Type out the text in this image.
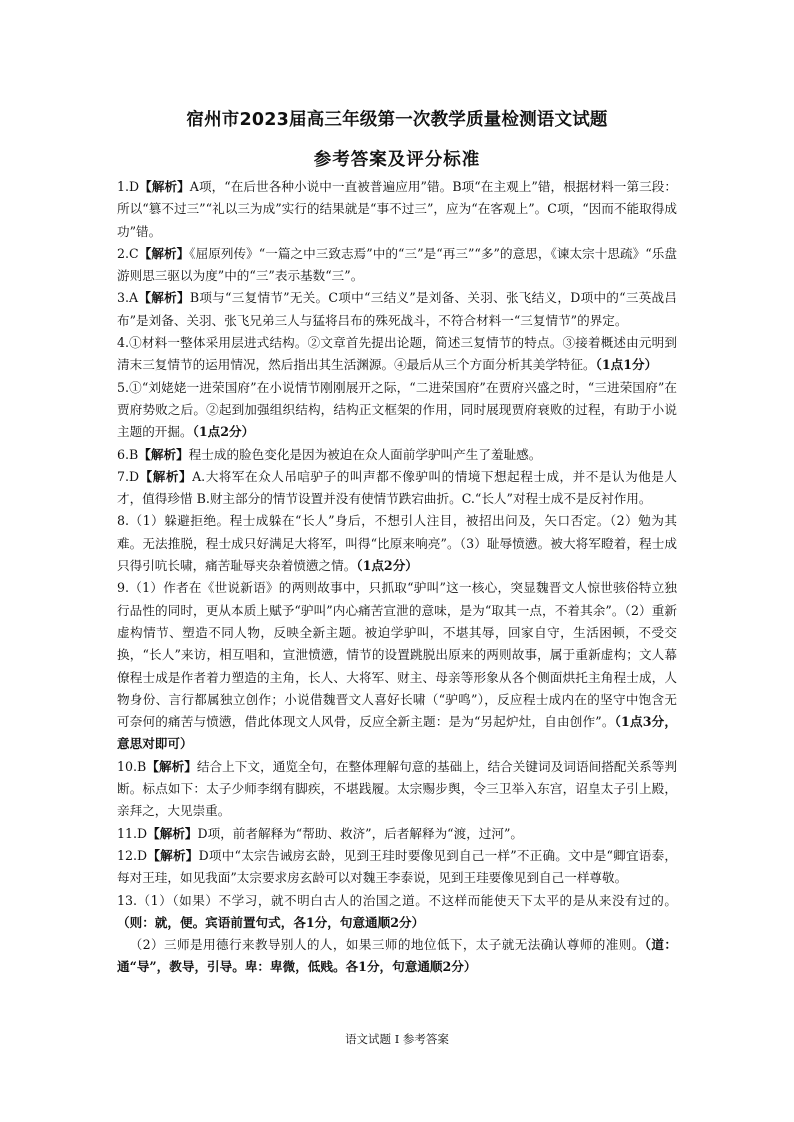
宿州市2023届高三年级第一次教学质量检测语文试题
参考答案及评分标准

1.D【解析】A项，“在后世各种小说中一直被普遍应用”错。B项“在主观上”错，根据材料一第三段：所以“篡不过三”“礼以三为成”实行的结果就是“事不过三”，应为“在客观上”。C项，“因而不能取得成功”错。

2.C【解析】《屈原列传》“一篇之中三致志焉”中的“三”是“再三”“多”的意思，《谏太宗十思疏》“乐盘游则思三驱以为度”中的“三”表示基数“三”。

3.A【解析】B项与“三复情节”无关。C项中“三结义”是刘备、关羽、张飞结义，D项中的“三英战吕布”是刘备、关羽、张飞兄弟三人与猛将吕布的殊死战斗，不符合材料一“三复情节”的界定。

4.①材料一整体采用层进式结构。②文章首先提出论题，简述三复情节的特点。③接着概述由元明到清末三复情节的运用情况，然后指出其生活渊源。④最后从三个方面分析其美学特征。（1点1分）

5.①“刘姥姥一进荣国府”在小说情节刚刚展开之际，“二进荣国府”在贾府兴盛之时，“三进荣国府”在贾府势败之后。②起到加强组织结构，结构正文框架的作用，同时展现贾府衰败的过程，有助于小说主题的开掘。（1点2分）

6.B【解析】程士成的脸色变化是因为被迫在众人面前学驴叫产生了羞耻感。

7.D【解析】A.大将军在众人吊唁驴子的叫声都不像驴叫的情境下想起程士成，并不是认为他是人才，值得珍惜 B.财主部分的情节设置并没有使情节跌宕曲折。C.“长人”对程士成不是反衬作用。

8.（1）躲避拒绝。程士成躲在“长人”身后，不想引人注目，被招出问及，矢口否定。（2）勉为其难。无法推脱，程士成只好满足大将军，叫得“比原来响亮”。（3）耻辱愤懑。被大将军瞪着，程士成只得引吭长啸，痛苦耻辱夹杂着愤懑之情。（1点2分）

9.（1）作者在《世说新语》的两则故事中，只抓取“驴叫”这一核心，突显魏晋文人惊世骇俗特立独行品性的同时，更从本质上赋予“驴叫”内心痛苦宣泄的意味，是为“取其一点，不着其余”。（2）重新虚构情节、塑造不同人物，反映全新主题。被迫学驴叫，不堪其辱，回家自守，生活困顿，不受交换，“长人”来访，相互唱和，宣泄愤懑，情节的设置跳脱出原来的两则故事，属于重新虚构；文人幕僚程士成是作者着力塑造的主角，长人、大将军、财主、母亲等形象从各个侧面烘托主角程士成，人物身份、言行都属独立创作；小说借魏晋文人喜好长啸（“驴鸣”），反应程士成内在的坚守中饱含无可奈何的痛苦与愤懑，借此体现文人风骨，反应全新主题：是为“另起炉灶，自由创作”。（1点3分，意思对即可）

10.B【解析】结合上下文，通览全句，在整体理解句意的基础上，结合关键词及词语间搭配关系等判断。标点如下：太子少师李纲有脚疾，不堪践履。太宗赐步舆，令三卫举入东宫，诏皇太子引上殿，亲拜之，大见崇重。

11.D【解析】D项，前者解释为“帮助、救济”，后者解释为“渡，过河”。

12.D【解析】D项中“太宗告诫房玄龄，见到王珪时要像见到自己一样”不正确。文中是“卿宜语泰，每对王珪，如见我面”太宗要求房玄龄可以对魏王李泰说，见到王珪要像见到自己一样尊敬。

13.（1）（如果）不学习，就不明白古人的治国之道。不这样而能使天下太平的是从来没有过的。（则：就，便。宾语前置句式，各1分，句意通顺2分）

（2）三师是用德行来教导别人的人，如果三师的地位低下，太子就无法确认尊师的准则。（道：通“导”，教导，引导。卑：卑微，低贱。各1分，句意通顺2分）

语文试题 Ⅰ 参考答案
